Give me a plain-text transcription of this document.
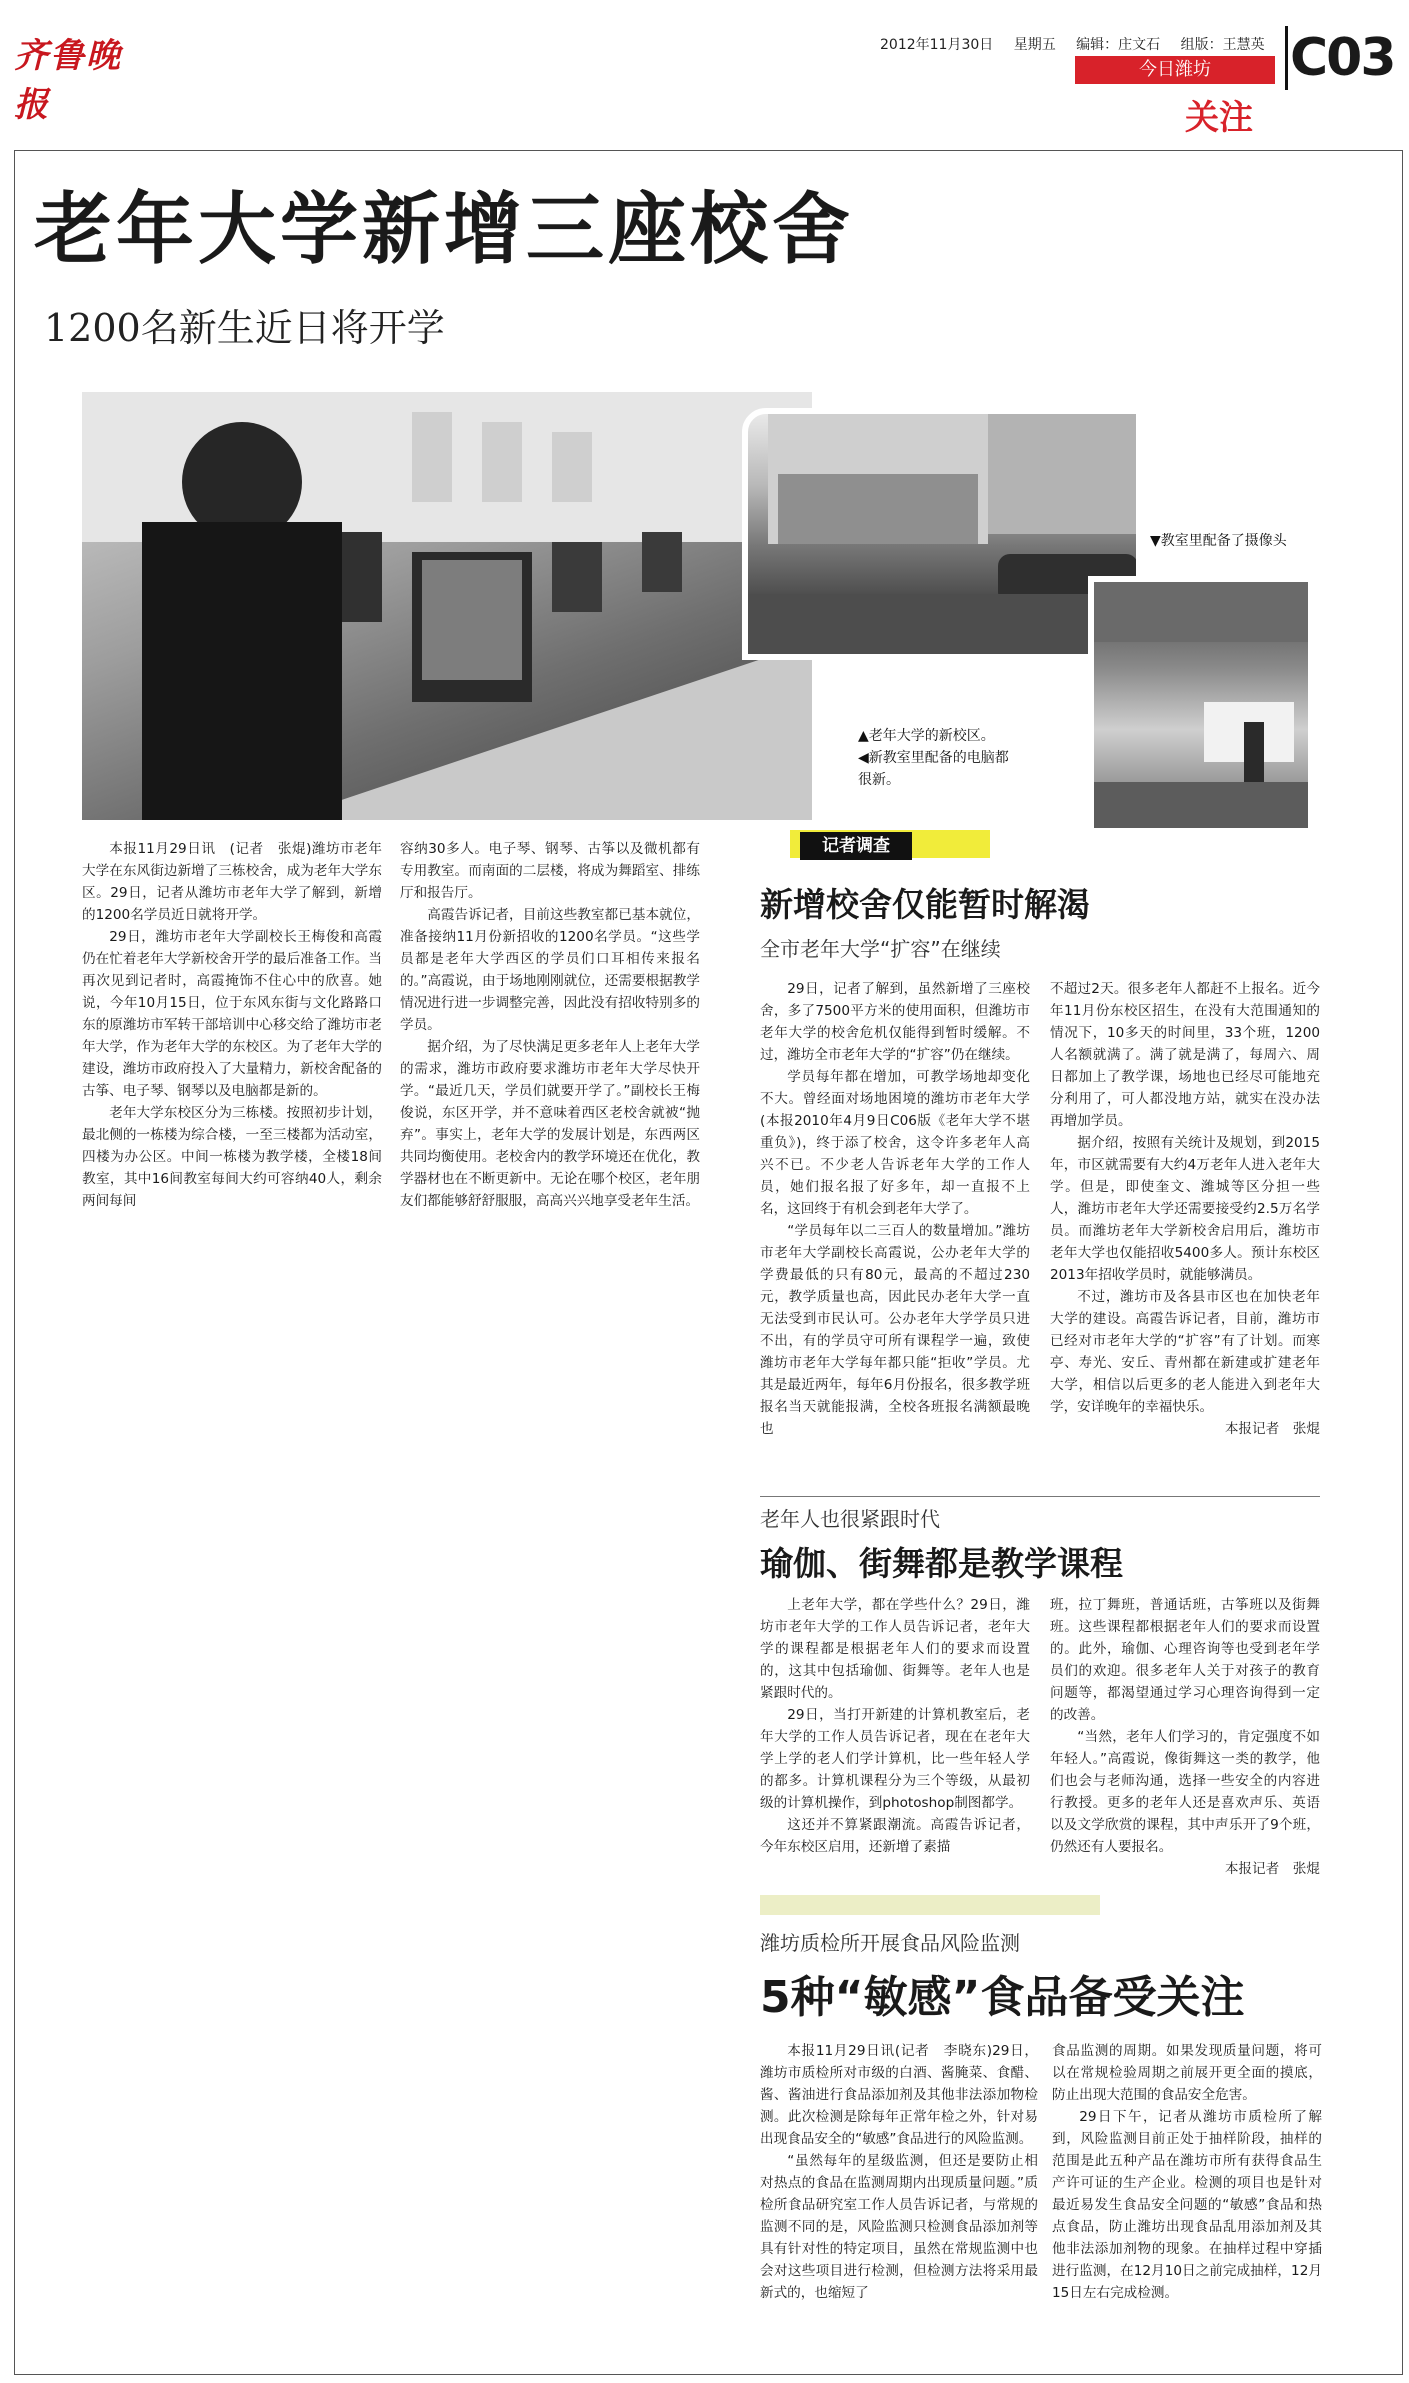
齐鲁晚报
2012年11月30日 星期五 编辑：庄文石 组版：王慧英
今日潍坊
关注
C03
老年大学新增三座校舍
1200名新生近日将开学
▼教室里配备了摄像头
▲老年大学的新校区。
◀新教室里配备的电脑都
很新。

本报11月29日讯　(记者　张焜)潍坊市老年大学在东风街边新增了三栋校舍，成为老年大学东区。29日，记者从潍坊市老年大学了解到，新增的1200名学员近日就将开学。

29日，潍坊市老年大学副校长王梅俊和高霞仍在忙着老年大学新校舍开学的最后准备工作。当再次见到记者时，高霞掩饰不住心中的欣喜。她说，今年10月15日，位于东风东街与文化路路口东的原潍坊市军转干部培训中心移交给了潍坊市老年大学，作为老年大学的东校区。为了老年大学的建设，潍坊市政府投入了大量精力，新校舍配备的古筝、电子琴、钢琴以及电脑都是新的。

老年大学东校区分为三栋楼。按照初步计划，最北侧的一栋楼为综合楼，一至三楼都为活动室，四楼为办公区。中间一栋楼为教学楼，全楼18间教室，其中16间教室每间大约可容纳40人，剩余两间每间

容纳30多人。电子琴、钢琴、古筝以及微机都有专用教室。而南面的二层楼，将成为舞蹈室、排练厅和报告厅。

高霞告诉记者，目前这些教室都已基本就位，准备接纳11月份新招收的1200名学员。“这些学员都是老年大学西区的学员们口耳相传来报名的。”高霞说，由于场地刚刚就位，还需要根据教学情况进行进一步调整完善，因此没有招收特别多的学员。

据介绍，为了尽快满足更多老年人上老年大学的需求，潍坊市政府要求潍坊市老年大学尽快开学。“最近几天，学员们就要开学了。”副校长王梅俊说，东区开学，并不意味着西区老校舍就被“抛弃”。事实上，老年大学的发展计划是，东西两区共同均衡使用。老校舍内的教学环境还在优化，教学器材也在不断更新中。无论在哪个校区，老年朋友们都能够舒舒服服，高高兴兴地享受老年生活。

记者调查
新增校舍仅能暂时解渴
全市老年大学“扩容”在继续

29日，记者了解到，虽然新增了三座校舍，多了7500平方米的使用面积，但潍坊市老年大学的校舍危机仅能得到暂时缓解。不过，潍坊全市老年大学的“扩容”仍在继续。

学员每年都在增加，可教学场地却变化不大。曾经面对场地困境的潍坊市老年大学(本报2010年4月9日C06版《老年大学不堪重负》)，终于添了校舍，这令许多老年人高兴不已。不少老人告诉老年大学的工作人员，她们报名报了好多年，却一直报不上名，这回终于有机会到老年大学了。

“学员每年以二三百人的数量增加。”潍坊市老年大学副校长高霞说，公办老年大学的学费最低的只有80元，最高的不超过230元，教学质量也高，因此民办老年大学一直无法受到市民认可。公办老年大学学员只进不出，有的学员守可所有课程学一遍，致使潍坊市老年大学每年都只能“拒收”学员。尤其是最近两年，每年6月份报名，很多教学班报名当天就能报满，全校各班报名满额最晚也

不超过2天。很多老年人都赶不上报名。近今年11月份东校区招生，在没有大范围通知的情况下，10多天的时间里，33个班，1200人名额就满了。满了就是满了，每周六、周日都加上了教学课，场地也已经尽可能地充分利用了，可人都没地方站，就实在没办法再增加学员。

据介绍，按照有关统计及规划，到2015年，市区就需要有大约4万老年人进入老年大学。但是，即使奎文、潍城等区分担一些人，潍坊市老年大学还需要接受约2.5万名学员。而潍坊老年大学新校舍启用后，潍坊市老年大学也仅能招收5400多人。预计东校区2013年招收学员时，就能够满员。

不过，潍坊市及各县市区也在加快老年大学的建设。高霞告诉记者，目前，潍坊市已经对市老年大学的“扩容”有了计划。而寒亭、寿光、安丘、青州都在新建或扩建老年大学，相信以后更多的老人能进入到老年大学，安详晚年的幸福快乐。

本报记者　张焜
老年人也很紧跟时代
瑜伽、街舞都是教学课程

上老年大学，都在学些什么？29日，潍坊市老年大学的工作人员告诉记者，老年大学的课程都是根据老年人们的要求而设置的，这其中包括瑜伽、街舞等。老年人也是紧跟时代的。

29日，当打开新建的计算机教室后，老年大学的工作人员告诉记者，现在在老年大学上学的老人们学计算机，比一些年轻人学的都多。计算机课程分为三个等级，从最初级的计算机操作，到photoshop制图都学。

这还并不算紧跟潮流。高霞告诉记者，今年东校区启用，还新增了素描

班，拉丁舞班，普通话班，古筝班以及街舞班。这些课程都根据老年人们的要求而设置的。此外，瑜伽、心理咨询等也受到老年学员们的欢迎。很多老年人关于对孩子的教育问题等，都渴望通过学习心理咨询得到一定的改善。

“当然，老年人们学习的，肯定强度不如年轻人。”高霞说，像街舞这一类的教学，他们也会与老师沟通，选择一些安全的内容进行教授。更多的老年人还是喜欢声乐、英语以及文学欣赏的课程，其中声乐开了9个班，仍然还有人要报名。

本报记者　张焜
潍坊质检所开展食品风险监测
5种“敏感”食品备受关注

本报11月29日讯(记者　李晓东)29日，潍坊市质检所对市级的白酒、酱腌菜、食醋、酱、酱油进行食品添加剂及其他非法添加物检测。此次检测是除每年正常年检之外，针对易出现食品安全的“敏感”食品进行的风险监测。

“虽然每年的星级监测，但还是要防止相对热点的食品在监测周期内出现质量问题。”质检所食品研究室工作人员告诉记者，与常规的监测不同的是，风险监测只检测食品添加剂等具有针对性的特定项目，虽然在常规监测中也会对这些项目进行检测，但检测方法将采用最新式的，也缩短了

食品监测的周期。如果发现质量问题，将可以在常规检验周期之前展开更全面的摸底，防止出现大范围的食品安全危害。

29日下午，记者从潍坊市质检所了解到，风险监测目前正处于抽样阶段，抽样的范围是此五种产品在潍坊市所有获得食品生产许可证的生产企业。检测的项目也是针对最近易发生食品安全问题的“敏感”食品和热点食品，防止潍坊出现食品乱用添加剂及其他非法添加剂物的现象。在抽样过程中穿插进行监测，在12月10日之前完成抽样，12月15日左右完成检测。
